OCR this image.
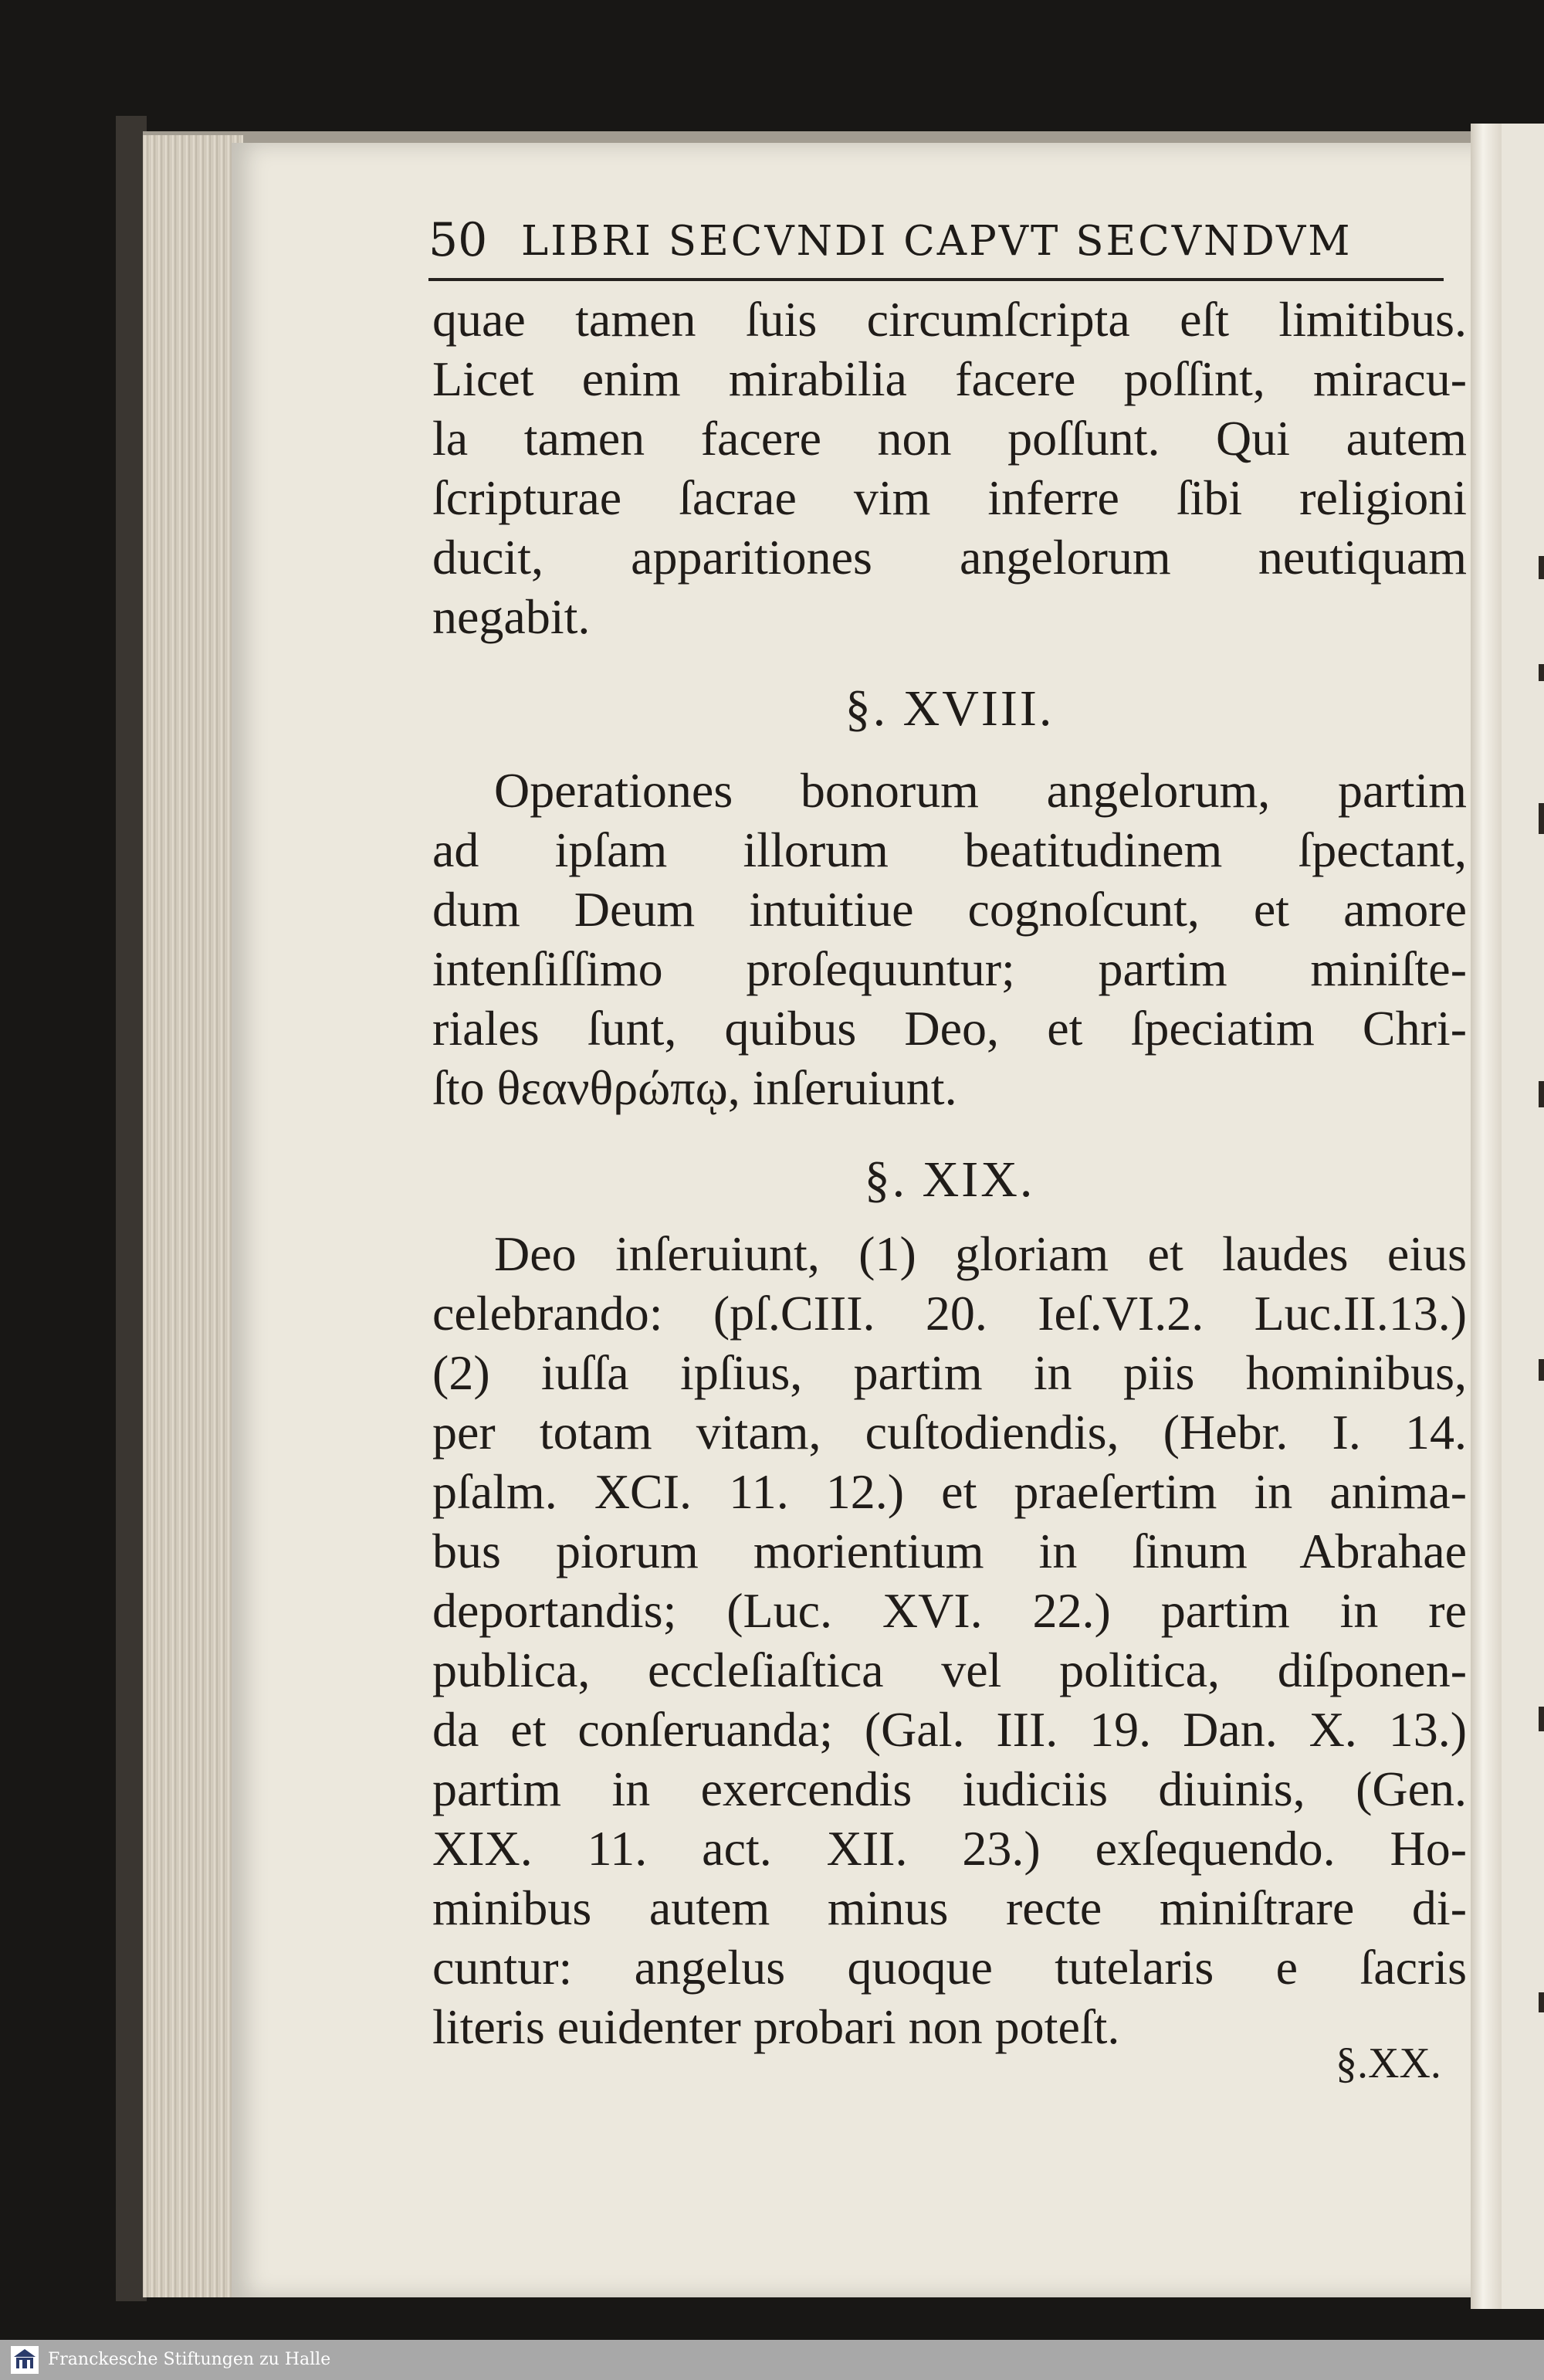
50 LIBRI SECVNDI CAPVT SECVNDVM
quae tamen ſuis circumſcripta eſt limitibus.
Licet enim mirabilia facere poſſint, miracu-
la tamen facere non poſſunt. Qui autem
ſcripturae ſacrae vim inferre ſibi religioni
ducit, apparitiones angelorum neutiquam
negabit.
§. XVIII.
Operationes bonorum angelorum, partim
ad ipſam illorum beatitudinem ſpectant,
dum Deum intuitiue cognoſcunt, et amore
intenſiſſimo proſequuntur; partim miniſte-
riales ſunt, quibus Deo, et ſpeciatim Chri-
ſto θεανθρώπῳ, inſeruiunt.
§. XIX.
Deo inſeruiunt, (1) gloriam et laudes eius
celebrando: (pſ.CIII. 20. Ieſ.VI.2. Luc.II.13.)
(2) iuſſa ipſius, partim in piis hominibus,
per totam vitam, cuſtodiendis, (Hebr. I. 14.
pſalm. XCI. 11. 12.) et praeſertim in anima-
bus piorum morientium in ſinum Abrahae
deportandis; (Luc. XVI. 22.) partim in re
publica, eccleſiaſtica vel politica, diſponen-
da et conſeruanda; (Gal. III. 19. Dan. X. 13.)
partim in exercendis iudiciis diuinis, (Gen.
XIX. 11. act. XII. 23.) exſequendo. Ho-
minibus autem minus recte miniſtrare di-
cuntur: angelus quoque tutelaris e ſacris
literis euidenter probari non poteſt.
§.XX.
Franckesche Stiftungen zu Halle
